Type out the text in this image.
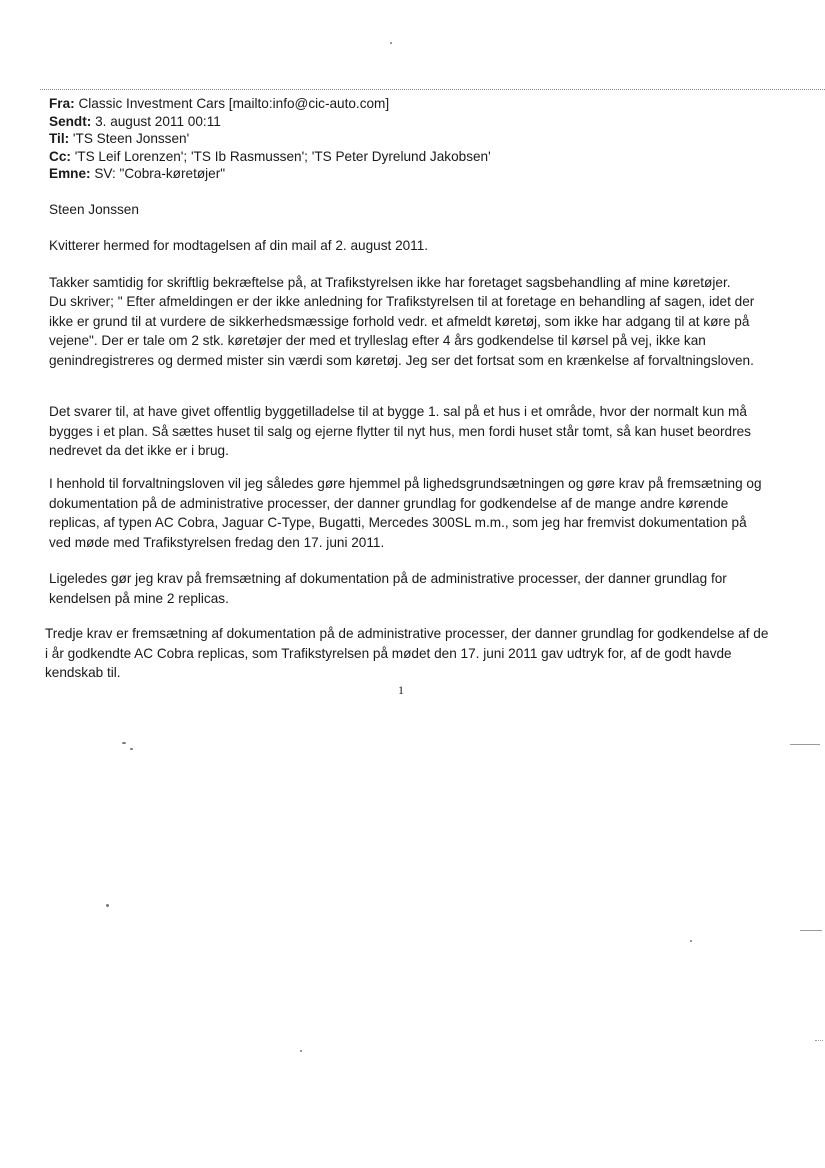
Fra: Classic Investment Cars [mailto:info@cic-auto.com]
Sendt: 3. august 2011 00:11
Til: 'TS Steen Jonssen'
Cc: 'TS Leif Lorenzen'; 'TS Ib Rasmussen'; 'TS Peter Dyrelund Jakobsen'
Emne: SV: "Cobra-køretøjer"

Steen Jonssen

Kvitterer hermed for modtagelsen af din mail af 2. august 2011.

Takker samtidig for skriftlig bekræftelse på, at Trafikstyrelsen ikke har foretaget sagsbehandling af mine køretøjer.

Du skriver; " Efter afmeldingen er der ikke anledning for Trafikstyrelsen til at foretage en behandling af sagen, idet der ikke er grund til at vurdere de sikkerhedsmæssige forhold vedr. et afmeldt køretøj, som ikke har adgang til at køre på vejene". Der er tale om 2 stk. køretøjer der med et trylleslag efter 4 års godkendelse til kørsel på vej, ikke kan genindregistreres og dermed mister sin værdi som køretøj. Jeg ser det fortsat som en krænkelse af forvaltningsloven.

Det svarer til, at have givet offentlig byggetilladelse til at bygge 1. sal på et hus i et område, hvor der normalt kun må bygges i et plan. Så sættes huset til salg og ejerne flytter til nyt hus, men fordi huset står tomt, så kan huset beordres nedrevet da det ikke er i brug.

I henhold til forvaltningsloven vil jeg således gøre hjemmel på lighedsgrundsætningen og gøre krav på fremsætning og dokumentation på de administrative processer, der danner grundlag for godkendelse af de mange andre kørende replicas, af typen AC Cobra, Jaguar C-Type, Bugatti, Mercedes 300SL m.m., som jeg har fremvist dokumentation på ved møde med Trafikstyrelsen fredag den 17. juni 2011.

Ligeledes gør jeg krav på fremsætning af dokumentation på de administrative processer, der danner grundlag for kendelsen på mine 2 replicas.

Tredje krav er fremsætning af dokumentation på de administrative processer, der danner grundlag for godkendelse af de i år godkendte AC Cobra replicas, som Trafikstyrelsen på mødet den 17. juni 2011 gav udtryk for, af de godt havde kendskab til.

1
